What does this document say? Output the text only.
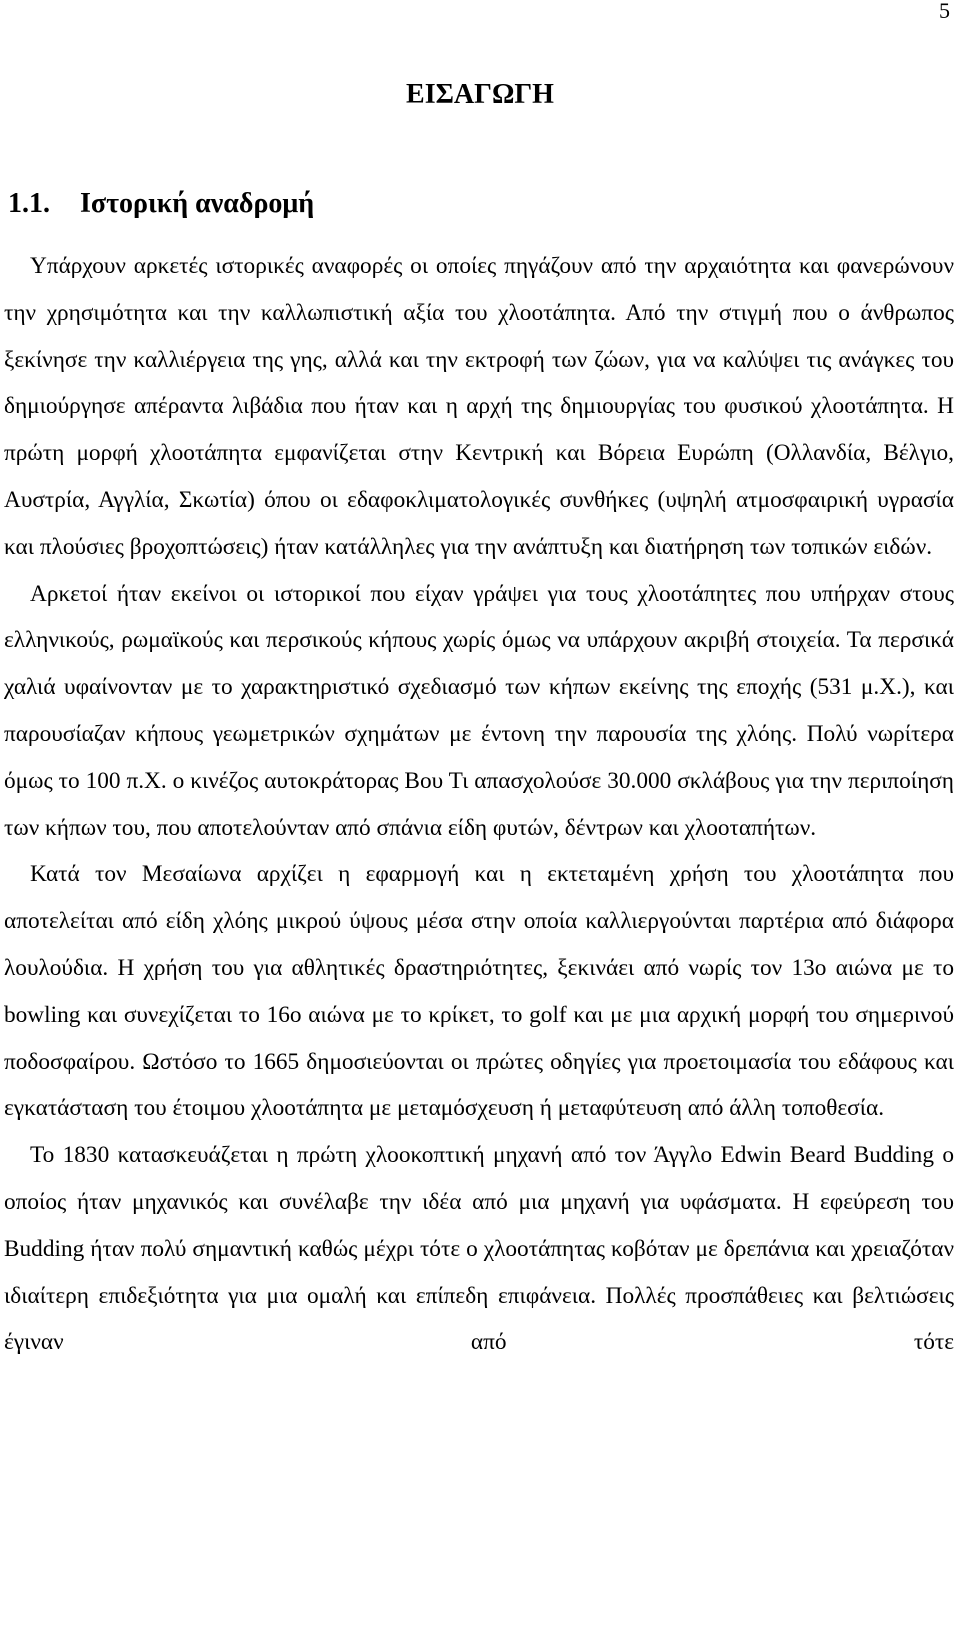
5
ΕΙΣΑΓΩΓΗ
1.1. Ιστορική αναδρομή

Υπάρχουν αρκετές ιστορικές αναφορές οι οποίες πηγάζουν από την αρχαιότητα και φανερώνουν την χρησιμότητα και την καλλωπιστική αξία του χλοοτάπητα. Από την στιγμή που ο άνθρωπος ξεκίνησε την καλλιέργεια της γης, αλλά και την εκτροφή των ζώων, για να καλύψει τις ανάγκες του δημιούργησε απέραντα λιβάδια που ήταν και η αρχή της δημιουργίας του φυσικού χλοοτάπητα. Η πρώτη μορφή χλοοτάπητα εμφανίζεται στην Κεντρική και Βόρεια Ευρώπη (Ολλανδία, Βέλγιο, Αυστρία, Αγγλία, Σκωτία) όπου οι εδαφοκλιματολογικές συνθήκες (υψηλή ατμοσφαιρική υγρασία και πλούσιες βροχοπτώσεις) ήταν κατάλληλες για την ανάπτυξη και διατήρηση των τοπικών ειδών.

Αρκετοί ήταν εκείνοι οι ιστορικοί που είχαν γράψει για τους χλοοτάπητες που υπήρχαν στους ελληνικούς, ρωμαϊκούς και περσικούς κήπους χωρίς όμως να υπάρχουν ακριβή στοιχεία. Τα περσικά χαλιά υφαίνονταν με το χαρακτηριστικό σχεδιασμό των κήπων εκείνης της εποχής (531 μ.Χ.), και παρουσίαζαν κήπους γεωμετρικών σχημάτων με έντονη την παρουσία της χλόης. Πολύ νωρίτερα όμως το 100 π.Χ. ο κινέζος αυτοκράτορας Βου Τι απασχολούσε 30.000 σκλάβους για την περιποίηση των κήπων του, που αποτελούνταν από σπάνια είδη φυτών, δέντρων και χλοοταπήτων.

Κατά τον Μεσαίωνα αρχίζει η εφαρμογή και η εκτεταμένη χρήση του χλοοτάπητα που αποτελείται από είδη χλόης μικρού ύψους μέσα στην οποία καλλιεργούνται παρτέρια από διάφορα λουλούδια. Η χρήση του για αθλητικές δραστηριότητες, ξεκινάει από νωρίς τον 13ο αιώνα με το bowling και συνεχίζεται το 16ο αιώνα με το κρίκετ, το golf και με μια αρχική μορφή του σημερινού ποδοσφαίρου. Ωστόσο το 1665 δημοσιεύονται οι πρώτες οδηγίες για προετοιμασία του εδάφους και εγκατάσταση του έτοιμου χλοοτάπητα με μεταμόσχευση ή μεταφύτευση από άλλη τοποθεσία.

Το 1830 κατασκευάζεται η πρώτη χλοοκοπτική μηχανή από τον Άγγλο Edwin Beard Budding ο οποίος ήταν μηχανικός και συνέλαβε την ιδέα από μια μηχανή για υφάσματα. Η εφεύρεση του Budding ήταν πολύ σημαντική καθώς μέχρι τότε ο χλοοτάπητας κοβόταν με δρεπάνια και χρειαζόταν ιδιαίτερη επιδεξιότητα για μια ομαλή και επίπεδη επιφάνεια. Πολλές προσπάθειες και βελτιώσεις έγιναν από τότε
